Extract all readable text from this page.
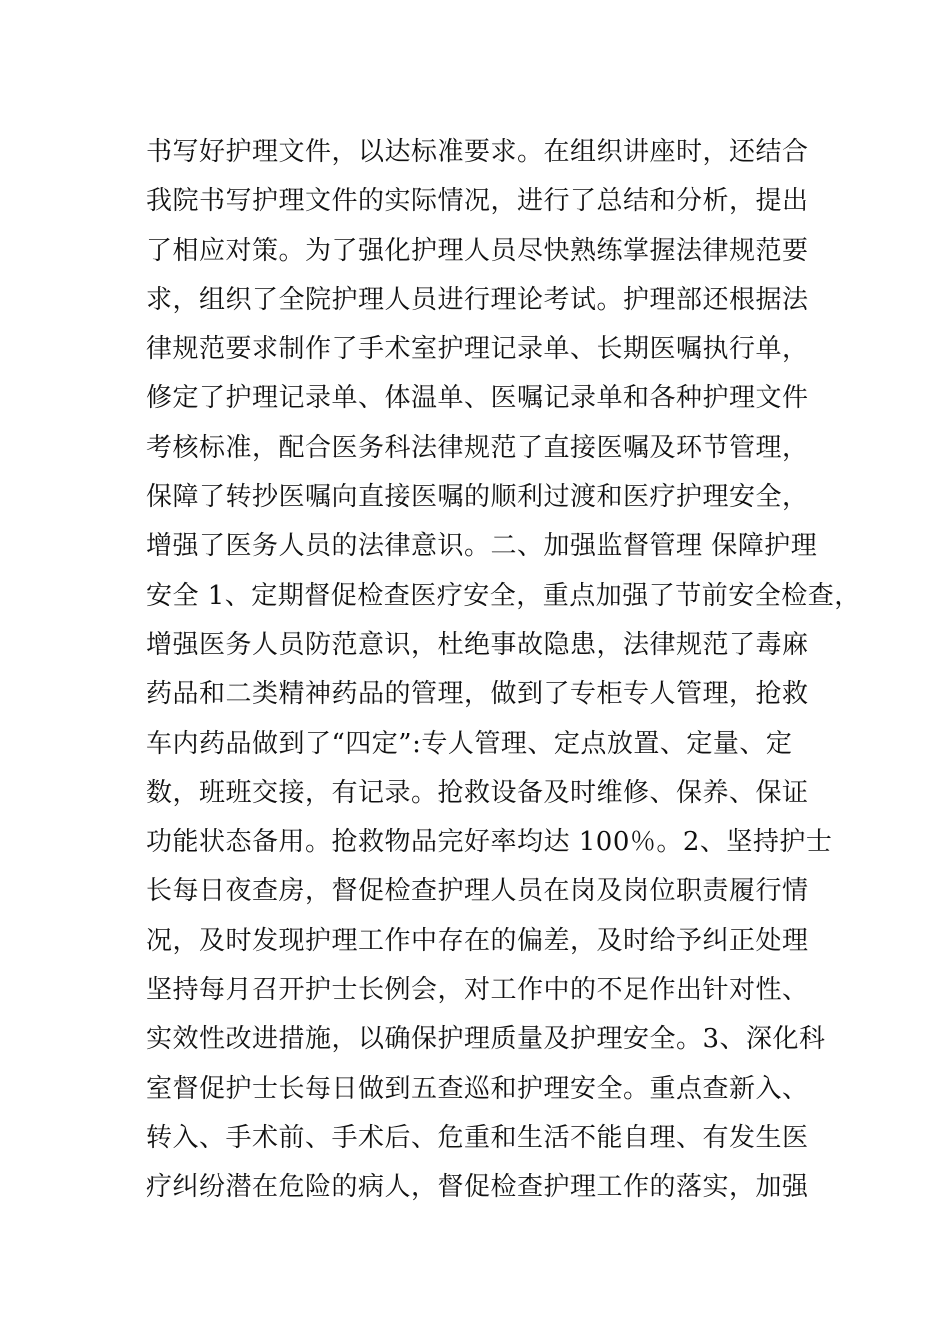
书写好护理文件，以达标准要求。在组织讲座时，还结合
我院书写护理文件的实际情况，进行了总结和分析，提出
了相应对策。为了强化护理人员尽快熟练掌握法律规范要
求，组织了全院护理人员进行理论考试。护理部还根据法
律规范要求制作了手术室护理记录单、长期医嘱执行单，
修定了护理记录单、体温单、医嘱记录单和各种护理文件
考核标准，配合医务科法律规范了直接医嘱及环节管理，
保障了转抄医嘱向直接医嘱的顺利过渡和医疗护理安全，
增强了医务人员的法律意识。二、加强监督管理 保障护理
安全 1、定期督促检查医疗安全，重点加强了节前安全检查，
增强医务人员防范意识，杜绝事故隐患，法律规范了毒麻
药品和二类精神药品的管理，做到了专柜专人管理，抢救
车内药品做到了“四定”:专人管理、定点放置、定量、定
数，班班交接，有记录。抢救设备及时维修、保养、保证
功能状态备用。抢救物品完好率均达 100％。2、坚持护士
长每日夜查房，督促检查护理人员在岗及岗位职责履行情
况，及时发现护理工作中存在的偏差，及时给予纠正处理
坚持每月召开护士长例会，对工作中的不足作出针对性、
实效性改进措施，以确保护理质量及护理安全。3、深化科
室督促护士长每日做到五查巡和护理安全。重点查新入、
转入、手术前、手术后、危重和生活不能自理、有发生医
疗纠纷潜在危险的病人，督促检查护理工作的落实，加强
